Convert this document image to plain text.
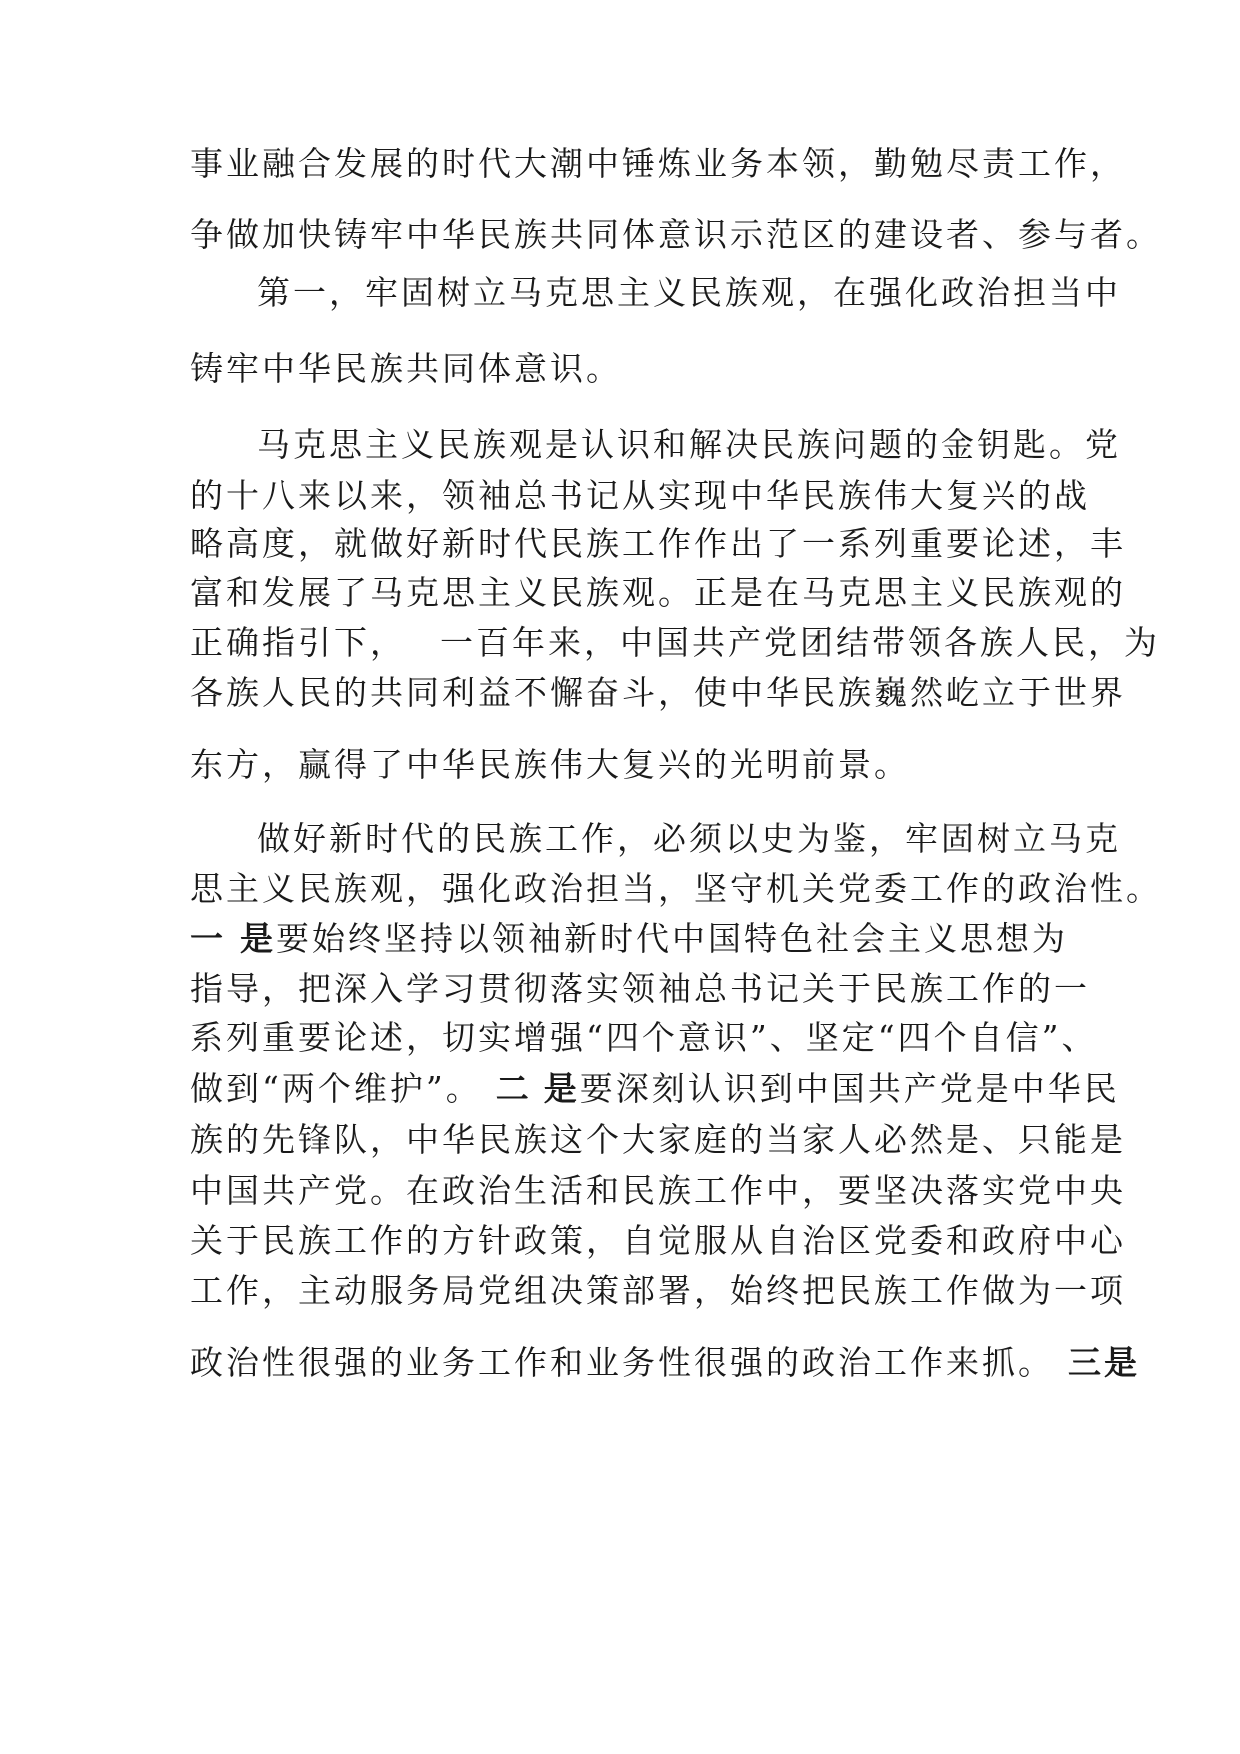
事业融合发展的时代大潮中锤炼业务本领，勤勉尽责工作，
争做加快铸牢中华民族共同体意识示范区的建设者、参与者。
第一，牢固树立马克思主义民族观，在强化政治担当中
铸牢中华民族共同体意识。
马克思主义民族观是认识和解决民族问题的金钥匙。党
的十八来以来，领袖总书记从实现中华民族伟大复兴的战
略高度，就做好新时代民族工作作出了一系列重要论述，丰
富和发展了马克思主义民族观。正是在马克思主义民族观的
正确指引下， 一百年来，中国共产党团结带领各族人民，为
各族人民的共同利益不懈奋斗，使中华民族巍然屹立于世界
东方，赢得了中华民族伟大复兴的光明前景。
做好新时代的民族工作，必须以史为鉴，牢固树立马克
思主义民族观，强化政治担当，坚守机关党委工作的政治性。
一 是要始终坚持以领袖新时代中国特色社会主义思想为
指导，把深入学习贯彻落实领袖总书记关于民族工作的一
系列重要论述，切实增强“四个意识”、坚定“四个自信”、
做到“两个维护”。 二 是要深刻认识到中国共产党是中华民
族的先锋队，中华民族这个大家庭的当家人必然是、只能是
中国共产党。在政治生活和民族工作中，要坚决落实党中央
关于民族工作的方针政策，自觉服从自治区党委和政府中心
工作，主动服务局党组决策部署，始终把民族工作做为一项
政治性很强的业务工作和业务性很强的政治工作来抓。 三是
